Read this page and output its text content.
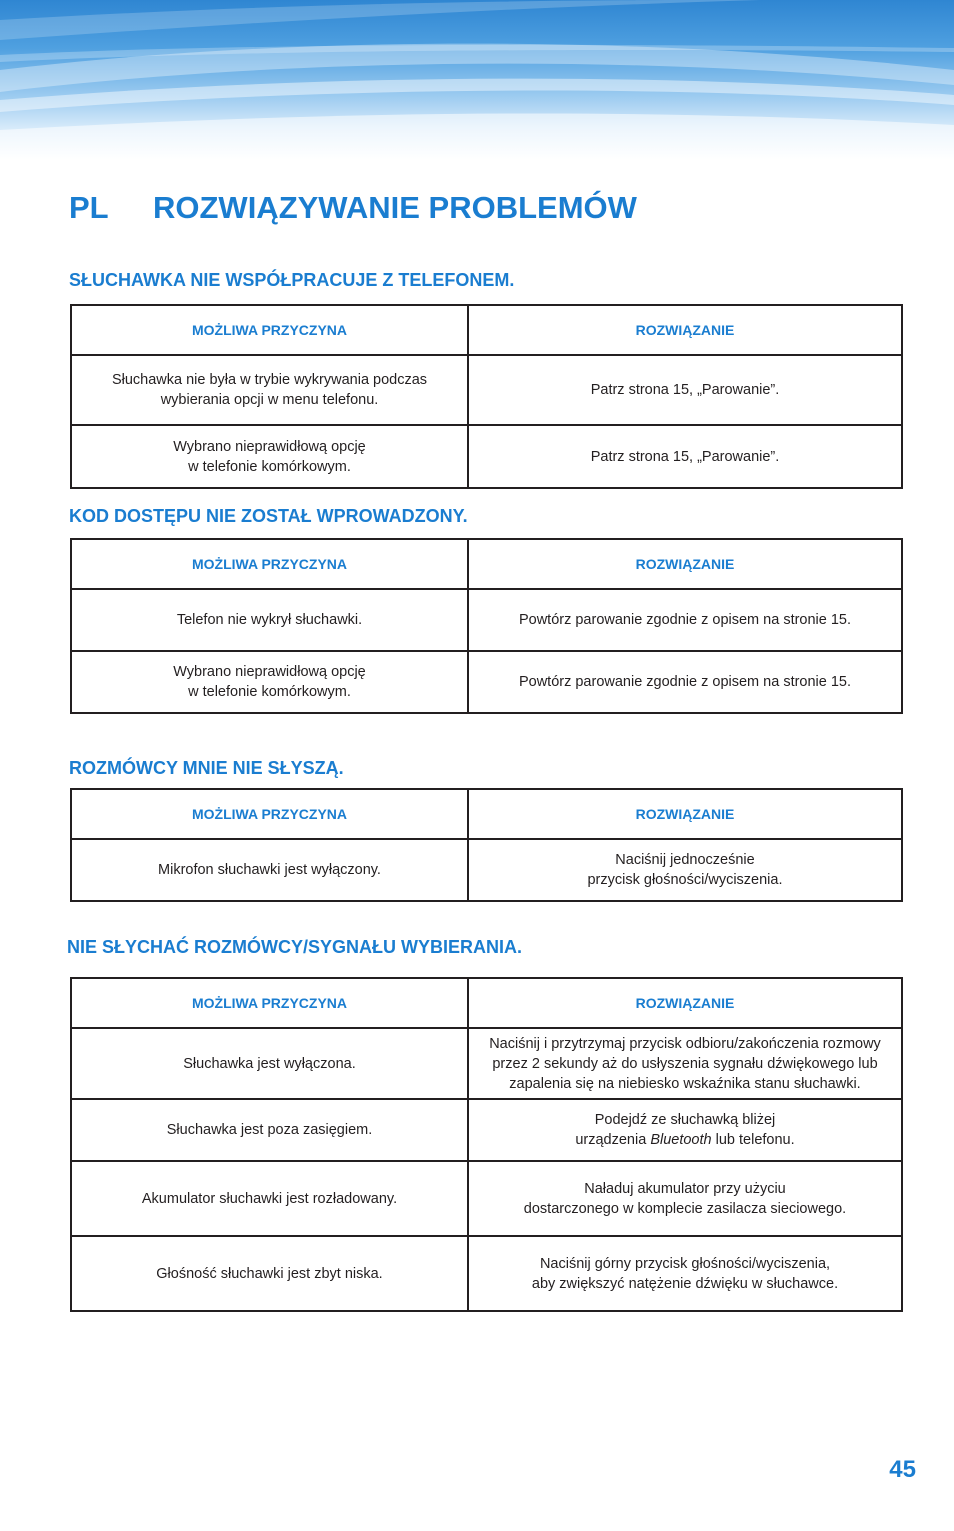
PL ROZWIĄZYWANIE PROBLEMÓW
SŁUCHAWKA NIE WSPÓŁPRACUJE Z TELEFONEM.
MOŻLIWA PRZYCZYNA	ROZWIĄZANIE

Słuchawka nie była w trybie wykrywania podczas
wybierania opcji w menu telefonu.	Patrz strona 15, „Parowanie”.

Wybrano nieprawidłową opcję
w telefonie komórkowym.	Patrz strona 15, „Parowanie”.
KOD DOSTĘPU NIE ZOSTAŁ WPROWADZONY.
MOŻLIWA PRZYCZYNA	ROZWIĄZANIE

Telefon nie wykrył słuchawki.	Powtórz parowanie zgodnie z opisem na stronie 15.

Wybrano nieprawidłową opcję
w telefonie komórkowym.	Powtórz parowanie zgodnie z opisem na stronie 15.
ROZMÓWCY MNIE NIE SŁYSZĄ.
MOŻLIWA PRZYCZYNA	ROZWIĄZANIE

Mikrofon słuchawki jest wyłączony.	Naciśnij jednocześnie
przycisk głośności/wyciszenia.
NIE SŁYCHAĆ ROZMÓWCY/SYGNAŁU WYBIERANIA.
MOŻLIWA PRZYCZYNA	ROZWIĄZANIE

Słuchawka jest wyłączona.	Naciśnij i przytrzymaj przycisk odbioru/zakończenia rozmowy
przez 2 sekundy aż do usłyszenia sygnału dźwiękowego lub
zapalenia się na niebiesko wskaźnika stanu słuchawki.

Słuchawka jest poza zasięgiem.	Podejdź ze słuchawką bliżej
urządzenia Bluetooth lub telefonu.

Akumulator słuchawki jest rozładowany.	Naładuj akumulator przy użyciu
dostarczonego w komplecie zasilacza sieciowego.

Głośność słuchawki jest zbyt niska.	Naciśnij górny przycisk głośności/wyciszenia,
aby zwiększyć natężenie dźwięku w słuchawce.
45
